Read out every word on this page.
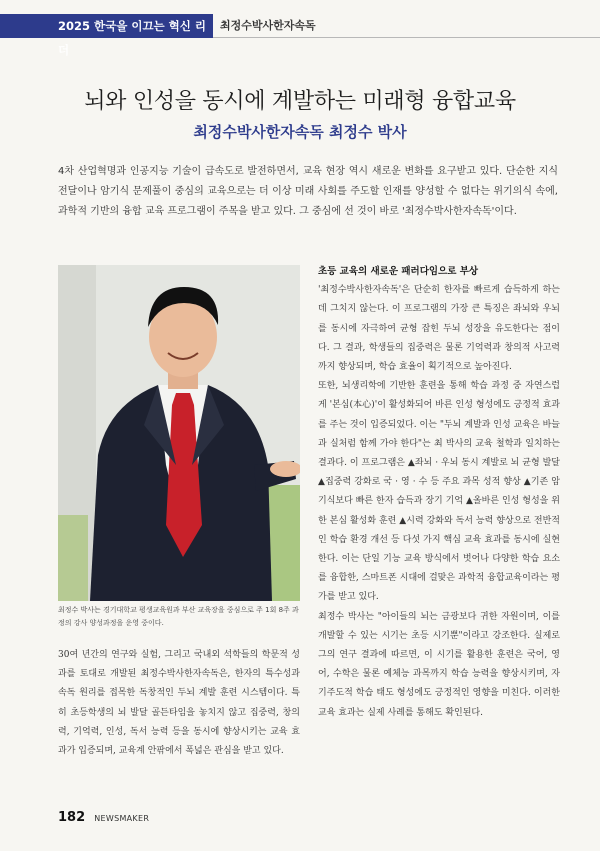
2025 한국을 이끄는 혁신 리더
최정수박사한자속독
뇌와 인성을 동시에 계발하는 미래형 융합교육
최정수박사한자속독 최정수 박사
4차 산업혁명과 인공지능 기술이 급속도로 발전하면서, 교육 현장 역시 새로운 변화를 요구받고 있다. 단순한 지식 전달이나 암기식 문제풀이 중심의 교육으로는 더 이상 미래 사회를 주도할 인재를 양성할 수 없다는 위기의식 속에, 과학적 기반의 융합 교육 프로그램이 주목을 받고 있다. 그 중심에 선 것이 바로 '최정수박사한자속독'이다.
최정수 박사는 경기대학교 평생교육원과 부산 교육장을 중심으로 주 1회 8주 과정의 강사 양성과정을 운영 중이다.

30여 년간의 연구와 실험, 그리고 국내외 석학들의 학문적 성과를 토대로 개발된 최정수박사한자속독은, 한자의 특수성과 속독 원리를 접목한 독창적인 두뇌 계발 훈련 시스템이다. 특히 초등학생의 뇌 발달 골든타임을 놓치지 않고 집중력, 창의력, 기억력, 인성, 독서 능력 등을 동시에 향상시키는 교육 효과가 입증되며, 교육계 안팎에서 폭넓은 관심을 받고 있다.

초등 교육의 새로운 패러다임으로 부상

'최정수박사한자속독'은 단순히 한자를 빠르게 습득하게 하는 데 그치지 않는다. 이 프로그램의 가장 큰 특징은 좌뇌와 우뇌를 동시에 자극하여 균형 잡힌 두뇌 성장을 유도한다는 점이다. 그 결과, 학생들의 집중력은 물론 기억력과 창의적 사고력까지 향상되며, 학습 효율이 획기적으로 높아진다.

또한, 뇌생리학에 기반한 훈련을 통해 학습 과정 중 자연스럽게 '본심(本心)'이 활성화되어 바른 인성 형성에도 긍정적 효과를 주는 것이 입증되었다. 이는 "두뇌 계발과 인성 교육은 바늘과 실처럼 함께 가야 한다"는 최 박사의 교육 철학과 일치하는 결과다. 이 프로그램은 ▲좌뇌 · 우뇌 동시 계발로 뇌 균형 발달 ▲집중력 강화로 국 · 영 · 수 등 주요 과목 성적 향상 ▲기존 암기식보다 빠른 한자 습득과 장기 기억 ▲올바른 인성 형성을 위한 본심 활성화 훈련 ▲시력 강화와 독서 능력 향상으로 전반적인 학습 환경 개선 등 다섯 가지 핵심 교육 효과를 동시에 실현한다. 이는 단일 기능 교육 방식에서 벗어나 다양한 학습 요소를 융합한, 스마트폰 시대에 걸맞은 과학적 융합교육이라는 평가를 받고 있다.

최정수 박사는 "아이들의 뇌는 금광보다 귀한 자원이며, 이를 개발할 수 있는 시기는 초등 시기뿐"이라고 강조한다. 실제로 그의 연구 결과에 따르면, 이 시기를 활용한 훈련은 국어, 영어, 수학은 물론 예체능 과목까지 학습 능력을 향상시키며, 자기주도적 학습 태도 형성에도 긍정적인 영향을 미친다. 이러한 교육 효과는 실제 사례를 통해도 확인된다.

182 NEWSMAKER
